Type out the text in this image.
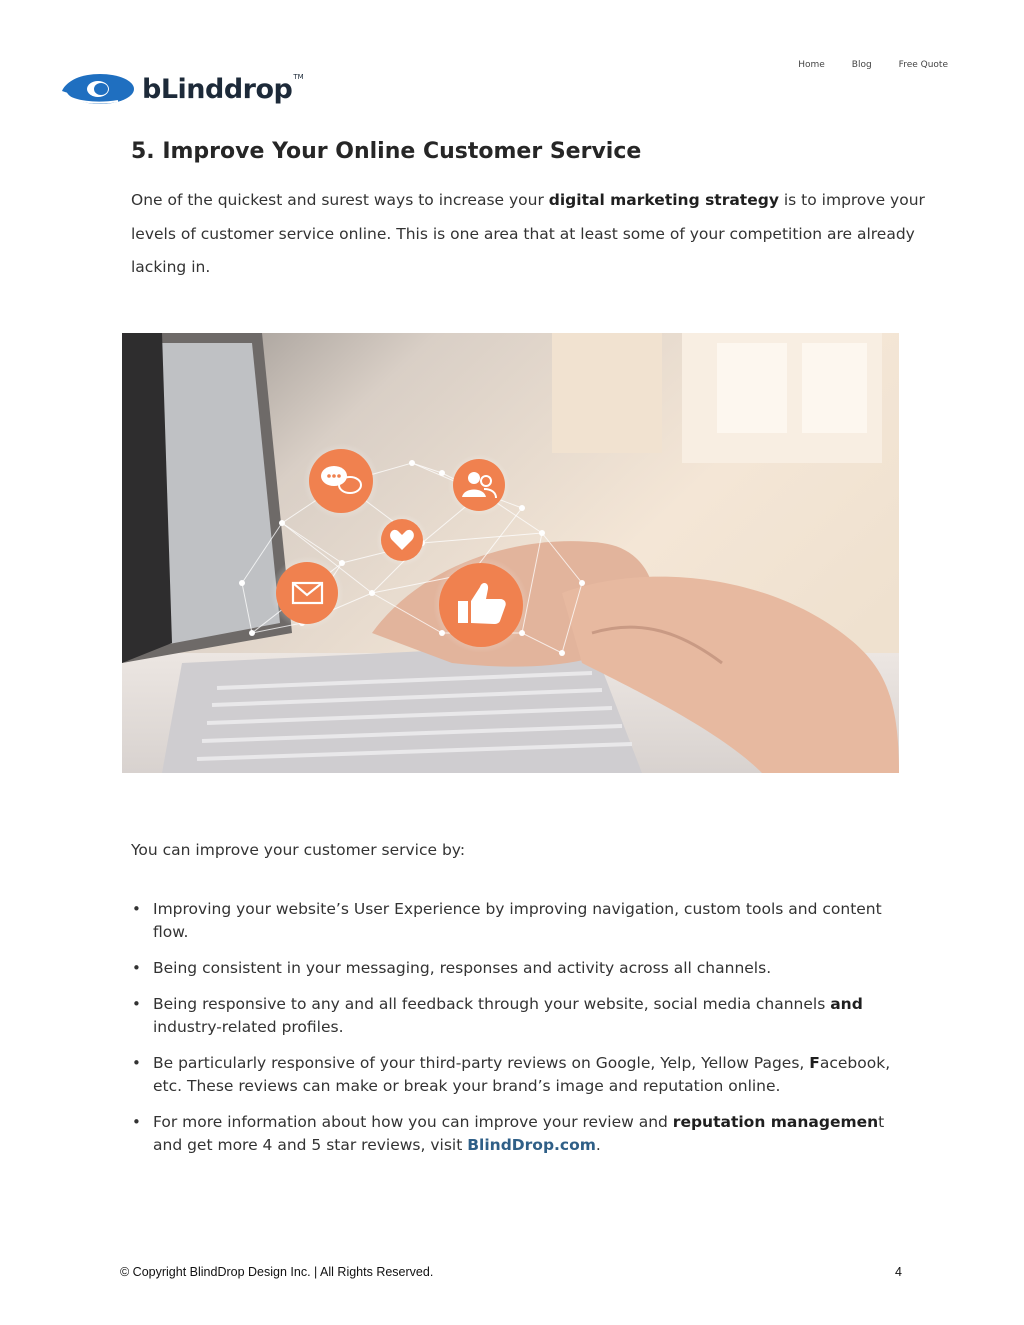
Home	Blog	Free Quote
bLinddrop TM
5. Improve Your Online Customer Service

One of the quickest and surest ways to increase your digital marketing strategy is to improve your levels of customer service online. This is one area that at least some of your competition are already lacking in.

You can improve your customer service by:

• Improving your website’s User Experience by improving navigation, custom tools and content flow.
• Being consistent in your messaging, responses and activity across all channels.
• Being responsive to any and all feedback through your website, social media channels and industry-related profiles.
• Be particularly responsive of your third-party reviews on Google, Yelp, Yellow Pages, Facebook, etc. These reviews can make or break your brand’s image and reputation online.
• For more information about how you can improve your review and reputation management and get more 4 and 5 star reviews, visit BlindDrop.com.
© Copyright BlindDrop Design Inc. | All Rights Reserved.	4
